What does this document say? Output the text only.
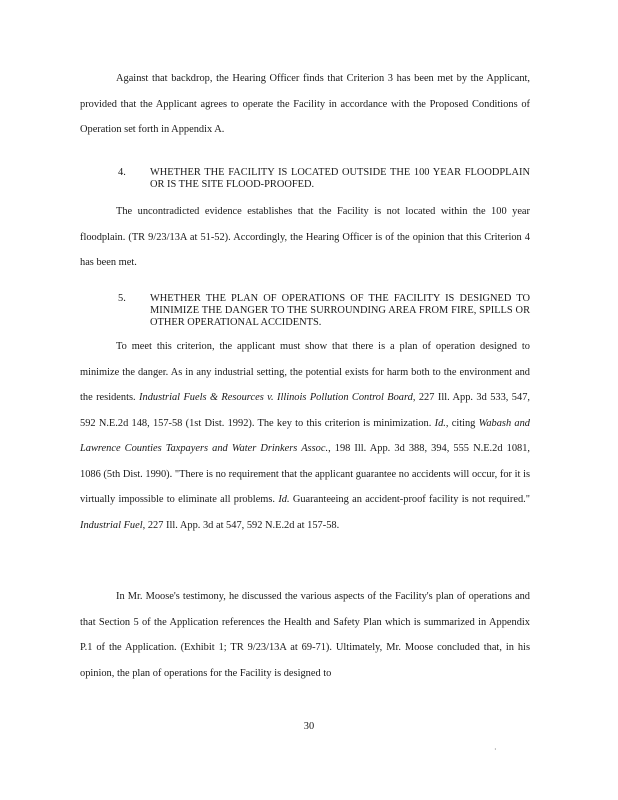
Against that backdrop, the Hearing Officer finds that Criterion 3 has been met by the Applicant, provided that the Applicant agrees to operate the Facility in accordance with the Proposed Conditions of Operation set forth in Appendix A.

4. WHETHER THE FACILITY IS LOCATED OUTSIDE THE 100 YEAR FLOODPLAIN OR IS THE SITE FLOOD-PROOFED.

The uncontradicted evidence establishes that the Facility is not located within the 100 year floodplain. (TR 9/23/13A at 51-52). Accordingly, the Hearing Officer is of the opinion that this Criterion 4 has been met.

5. WHETHER THE PLAN OF OPERATIONS OF THE FACILITY IS DESIGNED TO MINIMIZE THE DANGER TO THE SURROUNDING AREA FROM FIRE, SPILLS OR OTHER OPERATIONAL ACCIDENTS.

To meet this criterion, the applicant must show that there is a plan of operation designed to minimize the danger. As in any industrial setting, the potential exists for harm both to the environment and the residents. Industrial Fuels & Resources v. Illinois Pollution Control Board, 227 Ill. App. 3d 533, 547, 592 N.E.2d 148, 157-58 (1st Dist. 1992). The key to this criterion is minimization. Id., citing Wabash and Lawrence Counties Taxpayers and Water Drinkers Assoc., 198 Ill. App. 3d 388, 394, 555 N.E.2d 1081, 1086 (5th Dist. 1990). "There is no requirement that the applicant guarantee no accidents will occur, for it is virtually impossible to eliminate all problems. Id. Guaranteeing an accident-proof facility is not required." Industrial Fuel, 227 Ill. App. 3d at 547, 592 N.E.2d at 157-58.

In Mr. Moose's testimony, he discussed the various aspects of the Facility's plan of operations and that Section 5 of the Application references the Health and Safety Plan which is summarized in Appendix P.1 of the Application. (Exhibit 1; TR 9/23/13A at 69-71). Ultimately, Mr. Moose concluded that, in his opinion, the plan of operations for the Facility is designed to

30
·
